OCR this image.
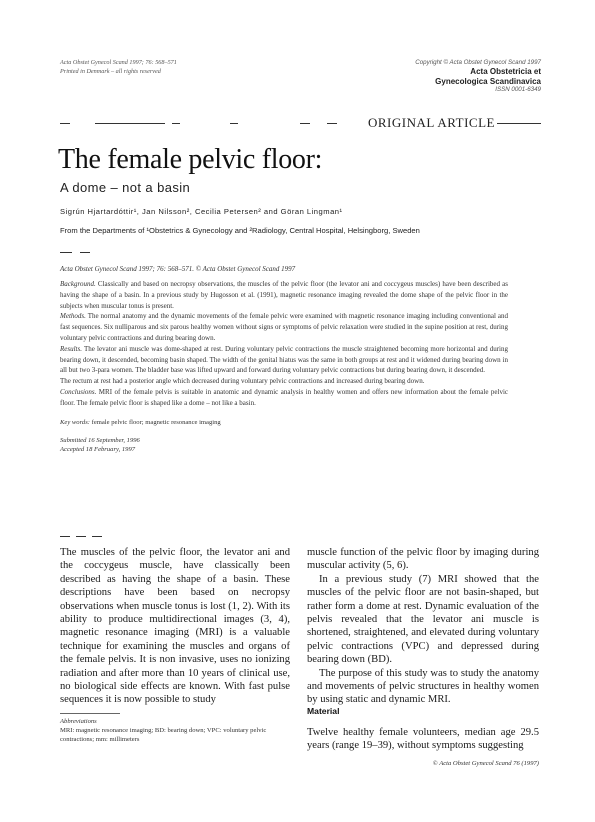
Acta Obstet Gynecol Scand 1997; 76: 568–571
Printed in Denmark – all rights reserved
Copyright © Acta Obstet Gynecol Scand 1997
Acta Obstetricia et
Gynecologica Scandinavica
ISSN 0001-6349
ORIGINAL ARTICLE
The female pelvic floor:
A dome – not a basin
Sigrún Hjartardóttir¹, Jan Nilsson², Cecilia Petersen² and Göran Lingman¹
From the Departments of ¹Obstetrics & Gynecology and ²Radiology, Central Hospital, Helsingborg, Sweden
Acta Obstet Gynecol Scand 1997; 76: 568–571. © Acta Obstet Gynecol Scand 1997

Background. Classically and based on necropsy observations, the muscles of the pelvic floor (the levator ani and coccygeus muscles) have been described as having the shape of a basin. In a previous study by Hugosson et al. (1991), magnetic resonance imaging revealed the dome shape of the pelvic floor in the subjects when muscular tonus is present.

Methods. The normal anatomy and the dynamic movements of the female pelvic were examined with magnetic resonance imaging including conventional and fast sequences. Six nulliparous and six parous healthy women without signs or symptoms of pelvic relaxation were studied in the supine position at rest, during voluntary pelvic contractions and during bearing down.

Results. The levator ani muscle was dome-shaped at rest. During voluntary pelvic contractions the muscle straightened becoming more horizontal and during bearing down, it descended, becoming basin shaped. The width of the genital hiatus was the same in both groups at rest and it widened during bearing down in all but two 3-para women. The bladder base was lifted upward and forward during voluntary pelvic contractions but during bearing down, it descended.

The rectum at rest had a posterior angle which decreased during voluntary pelvic contractions and increased during bearing down.

Conclusions. MRI of the female pelvis is suitable in anatomic and dynamic analysis in healthy women and offers new information about the female pelvic floor. The female pelvic floor is shaped like a dome – not like a basin.

Key words: female pelvic floor; magnetic resonance imaging
Submitted 16 September, 1996
Accepted 18 February, 1997

The muscles of the pelvic floor, the levator ani and the coccygeus muscle, have classically been described as having the shape of a basin. These descriptions have been based on necropsy observations when muscle tonus is lost (1, 2). With its ability to produce multidirectional images (3, 4), magnetic resonance imaging (MRI) is a valuable technique for examining the muscles and organs of the female pelvis. It is non invasive, uses no ionizing radiation and after more than 10 years of clinical use, no biological side effects are known. With fast pulse sequences it is now possible to study

Abbreviations
MRI: magnetic resonance imaging; BD: bearing down; VPC: voluntary pelvic contractions; mm: millimeters

muscle function of the pelvic floor by imaging during muscular activity (5, 6).

In a previous study (7) MRI showed that the muscles of the pelvic floor are not basin-shaped, but rather form a dome at rest. Dynamic evaluation of the pelvis revealed that the levator ani muscle is shortened, straightened, and elevated during voluntary pelvic contractions (VPC) and depressed during bearing down (BD).

The purpose of this study was to study the anatomy and movements of pelvic structures in healthy women by using static and dynamic MRI.

Material
Twelve healthy female volunteers, median age 29.5 years (range 19–39), without symptoms suggesting
© Acta Obstet Gynecol Scand 76 (1997)
